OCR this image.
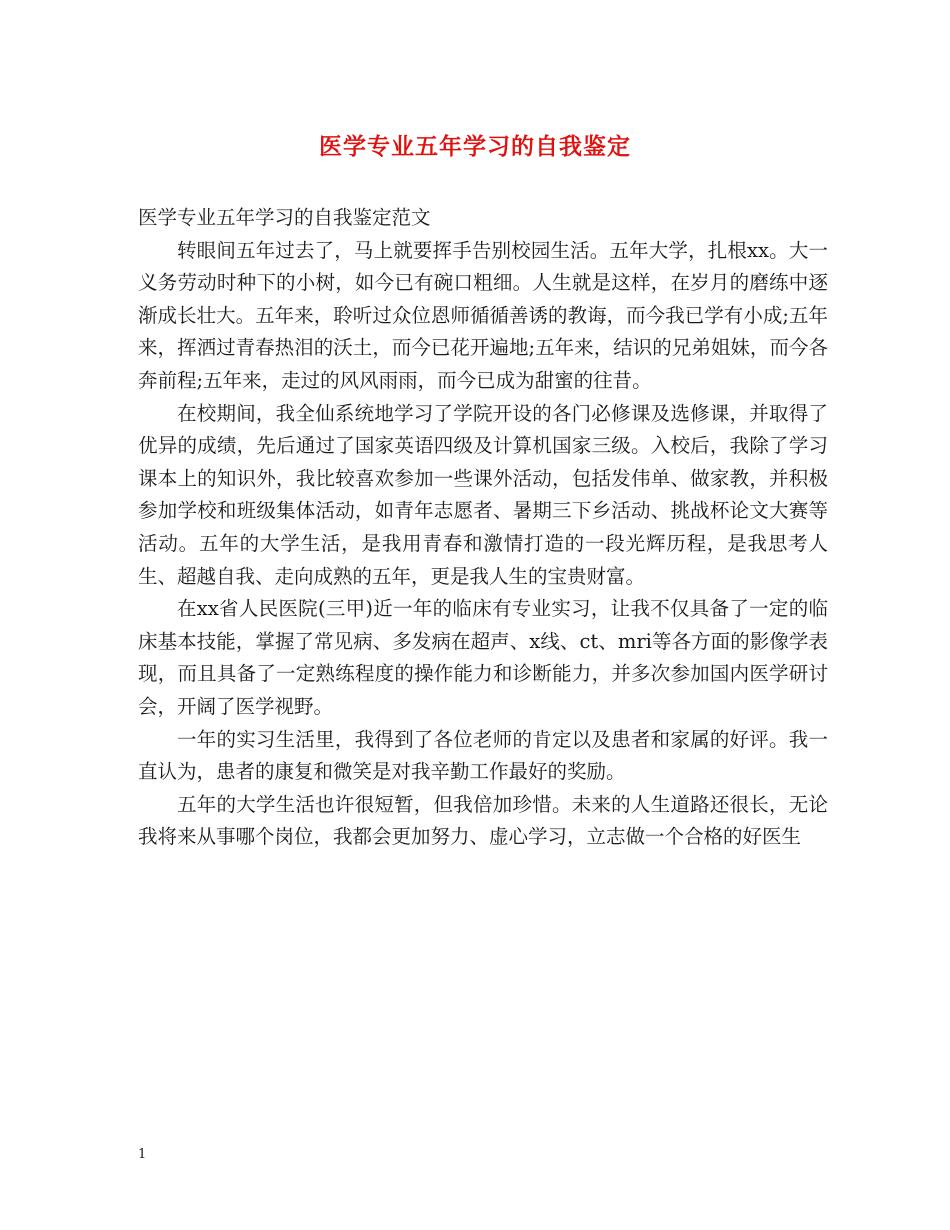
医学专业五年学习的自我鉴定

医学专业五年学习的自我鉴定范文

转眼间五年过去了，马上就要挥手告别校园生活。五年大学，扎根xx。大一义务劳动时种下的小树，如今已有碗口粗细。人生就是这样，在岁月的磨练中逐渐成长壮大。五年来，聆听过众位恩师循循善诱的教诲，而今我已学有小成;五年来，挥洒过青春热泪的沃土，而今已花开遍地;五年来，结识的兄弟姐妹，而今各奔前程;五年来，走过的风风雨雨，而今已成为甜蜜的往昔。

在校期间，我全仙系统地学习了学院开设的各门必修课及选修课，并取得了优异的成绩，先后通过了国家英语四级及计算机国家三级。入校后，我除了学习课本上的知识外，我比较喜欢参加一些课外活动，包括发伟单、做家教，并积极参加学校和班级集体活动，如青年志愿者、暑期三下乡活动、挑战杯论文大赛等活动。五年的大学生活，是我用青春和激情打造的一段光辉历程，是我思考人生、超越自我、走向成熟的五年，更是我人生的宝贵财富。

在xx省人民医院(三甲)近一年的临床有专业实习，让我不仅具备了一定的临床基本技能，掌握了常见病、多发病在超声、x线、ct、mri等各方面的影像学表现，而且具备了一定熟练程度的操作能力和诊断能力，并多次参加国内医学研讨会，开阔了医学视野。

一年的实习生活里，我得到了各位老师的肯定以及患者和家属的好评。我一直认为，患者的康复和微笑是对我辛勤工作最好的奖励。

五年的大学生活也许很短暂，但我倍加珍惜。未来的人生道路还很长，无论我将来从事哪个岗位，我都会更加努力、虚心学习，立志做一个合格的好医生

1
